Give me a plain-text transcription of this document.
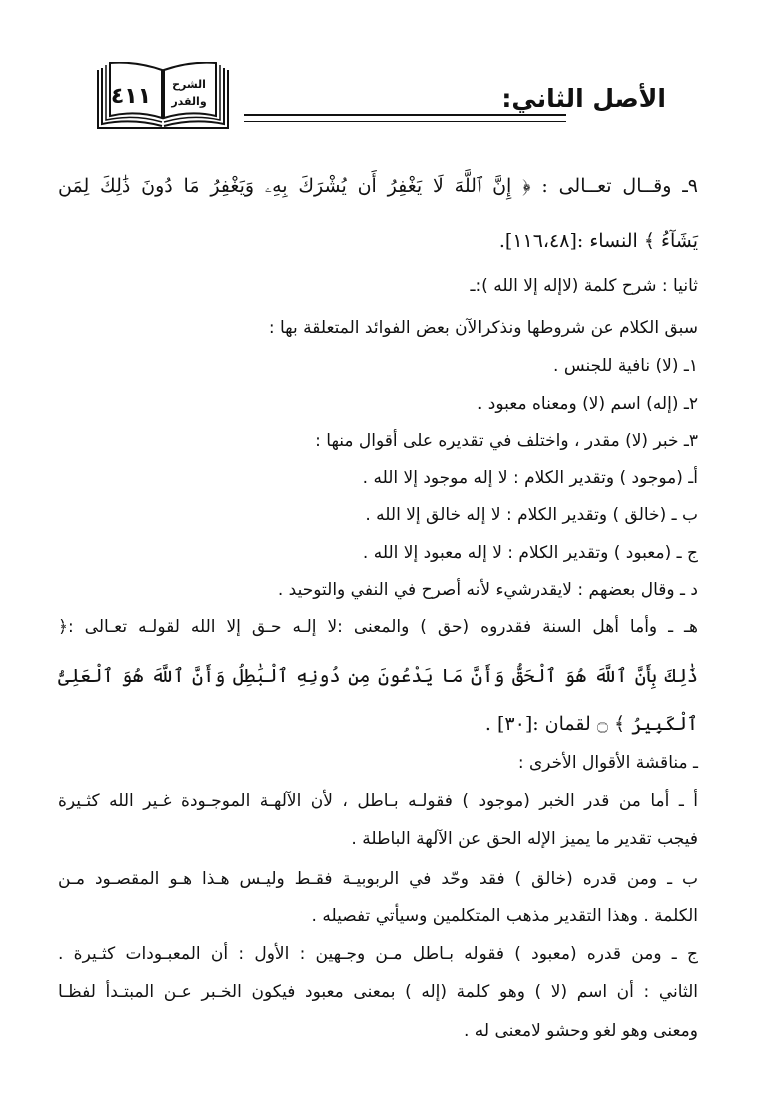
٤١١	الشرح
والقدر	الأصل الثاني:
٩ـ وقــال تعــالى : ﴿ إِنَّ ٱللَّهَ لَا يَغْفِرُ أَن يُشْرَكَ بِهِۦ وَيَغْفِرُ مَا دُونَ ذَٰلِكَ لِمَن
يَشَآءُ ﴾ النساء :[١١٦،٤٨].
ثانيا : شرح كلمة (لاإله إلا الله ):ـ
سبق الكلام عن شروطها ونذكرالآن بعض الفوائد المتعلقة بها :
١ـ (لا) نافية للجنس .
٢ـ (إله) اسم (لا) ومعناه معبود .
٣ـ خبر (لا) مقدر ، واختلف في تقديره على أقوال منها :
أـ (موجود ) وتقدير الكلام : لا إله موجود إلا الله .
ب ـ (خالق ) وتقدير الكلام : لا إله خالق إلا الله .
ج ـ (معبود ) وتقدير الكلام : لا إله معبود إلا الله .
د ـ وقال بعضهم : لايقدرشيء لأنه أصرح في النفي والتوحيد .
هـ ـ وأما أهل السنة فقدروه (حق ) والمعنى :لا إلـه حـق إلا الله لقولـه تعـالى :﴿
ذَٰلِكَ بِأَنَّ ٱللَّهَ هُوَ ٱلْحَقُّ وَأَنَّ مَا يَدْعُونَ مِن دُونِهِ ٱلْبَٰطِلُ وَأَنَّ ٱللَّهَ هُوَ ٱلْعَلِىُّ
ٱلْكَبِيرُ ﴾ ۝ لقمان :[٣٠] .
ـ مناقشة الأقوال الأخرى :
أ ـ أما من قدر الخبر (موجود ) فقولـه بـاطل ، لأن الآلهـة الموجـودة غـير الله كثـيرة
فيجب تقدير ما يميز الإله الحق عن الآلهة الباطلة .
ب ـ ومن قدره (خالق ) فقد وحّد في الربوبيـة فقـط وليـس هـذا هـو المقصـود مـن
الكلمة . وهذا التقدير مذهب المتكلمين وسيأتي تفصيله .
ج ـ ومن قدره (معبود ) فقوله بـاطل مـن وجـهين : الأول : أن المعبـودات كثـيرة .
الثاني : أن اسم (لا ) وهو كلمة (إله ) بمعنى معبود فيكون الخـبر عـن المبتـدأ لفظـا
ومعنى وهو لغو وحشو لامعنى له .
